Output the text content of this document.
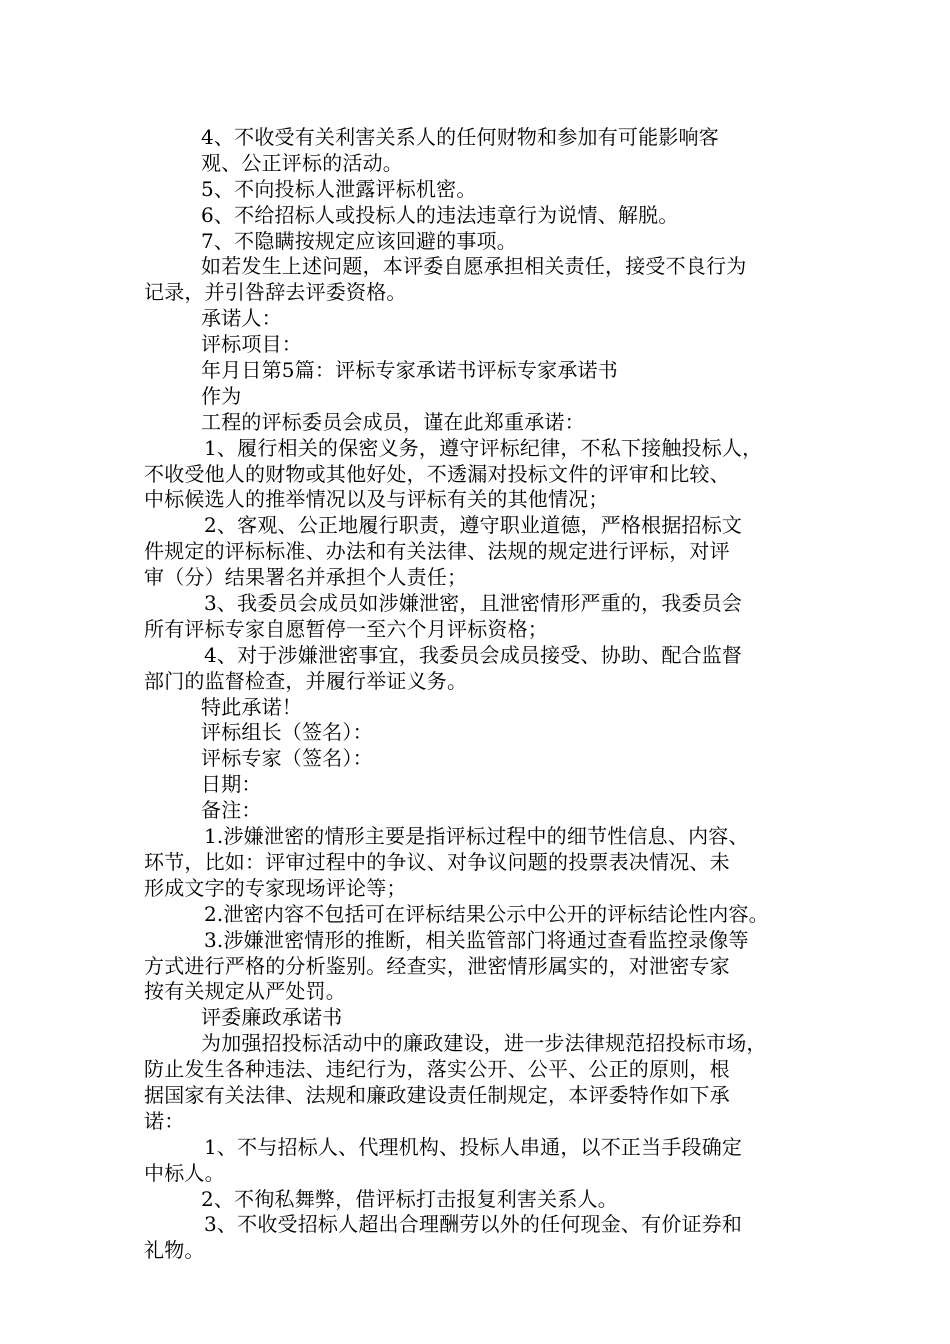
4、不收受有关利害关系人的任何财物和参加有可能影响客
观、公正评标的活动。
5、不向投标人泄露评标机密。
6、不给招标人或投标人的违法违章行为说情、解脱。
7、不隐瞒按规定应该回避的事项。
如若发生上述问题，本评委自愿承担相关责任，接受不良行为
记录，并引咎辞去评委资格。
承诺人：
评标项目：
年月日第5篇：评标专家承诺书评标专家承诺书
作为
工程的评标委员会成员，谨在此郑重承诺：
1、履行相关的保密义务，遵守评标纪律，不私下接触投标人，
不收受他人的财物或其他好处，不透漏对投标文件的评审和比较、
中标候选人的推举情况以及与评标有关的其他情况；
2、客观、公正地履行职责，遵守职业道德，严格根据招标文
件规定的评标标准、办法和有关法律、法规的规定进行评标，对评
审（分）结果署名并承担个人责任；
3、我委员会成员如涉嫌泄密，且泄密情形严重的，我委员会
所有评标专家自愿暂停一至六个月评标资格；
4、对于涉嫌泄密事宜，我委员会成员接受、协助、配合监督
部门的监督检查，并履行举证义务。
特此承诺！
评标组长（签名）：
评标专家（签名）：
日期：
备注：
1.涉嫌泄密的情形主要是指评标过程中的细节性信息、内容、
环节，比如：评审过程中的争议、对争议问题的投票表决情况、未
形成文字的专家现场评论等；
2.泄密内容不包括可在评标结果公示中公开的评标结论性内容。
3.涉嫌泄密情形的推断，相关监管部门将通过查看监控录像等
方式进行严格的分析鉴别。经查实，泄密情形属实的，对泄密专家
按有关规定从严处罚。
评委廉政承诺书
为加强招投标活动中的廉政建设，进一步法律规范招投标市场，
防止发生各种违法、违纪行为，落实公开、公平、公正的原则，根
据国家有关法律、法规和廉政建设责任制规定，本评委特作如下承
诺：
1、不与招标人、代理机构、投标人串通，以不正当手段确定
中标人。
2、不徇私舞弊，借评标打击报复利害关系人。
3、不收受招标人超出合理酬劳以外的任何现金、有价证券和
礼物。
